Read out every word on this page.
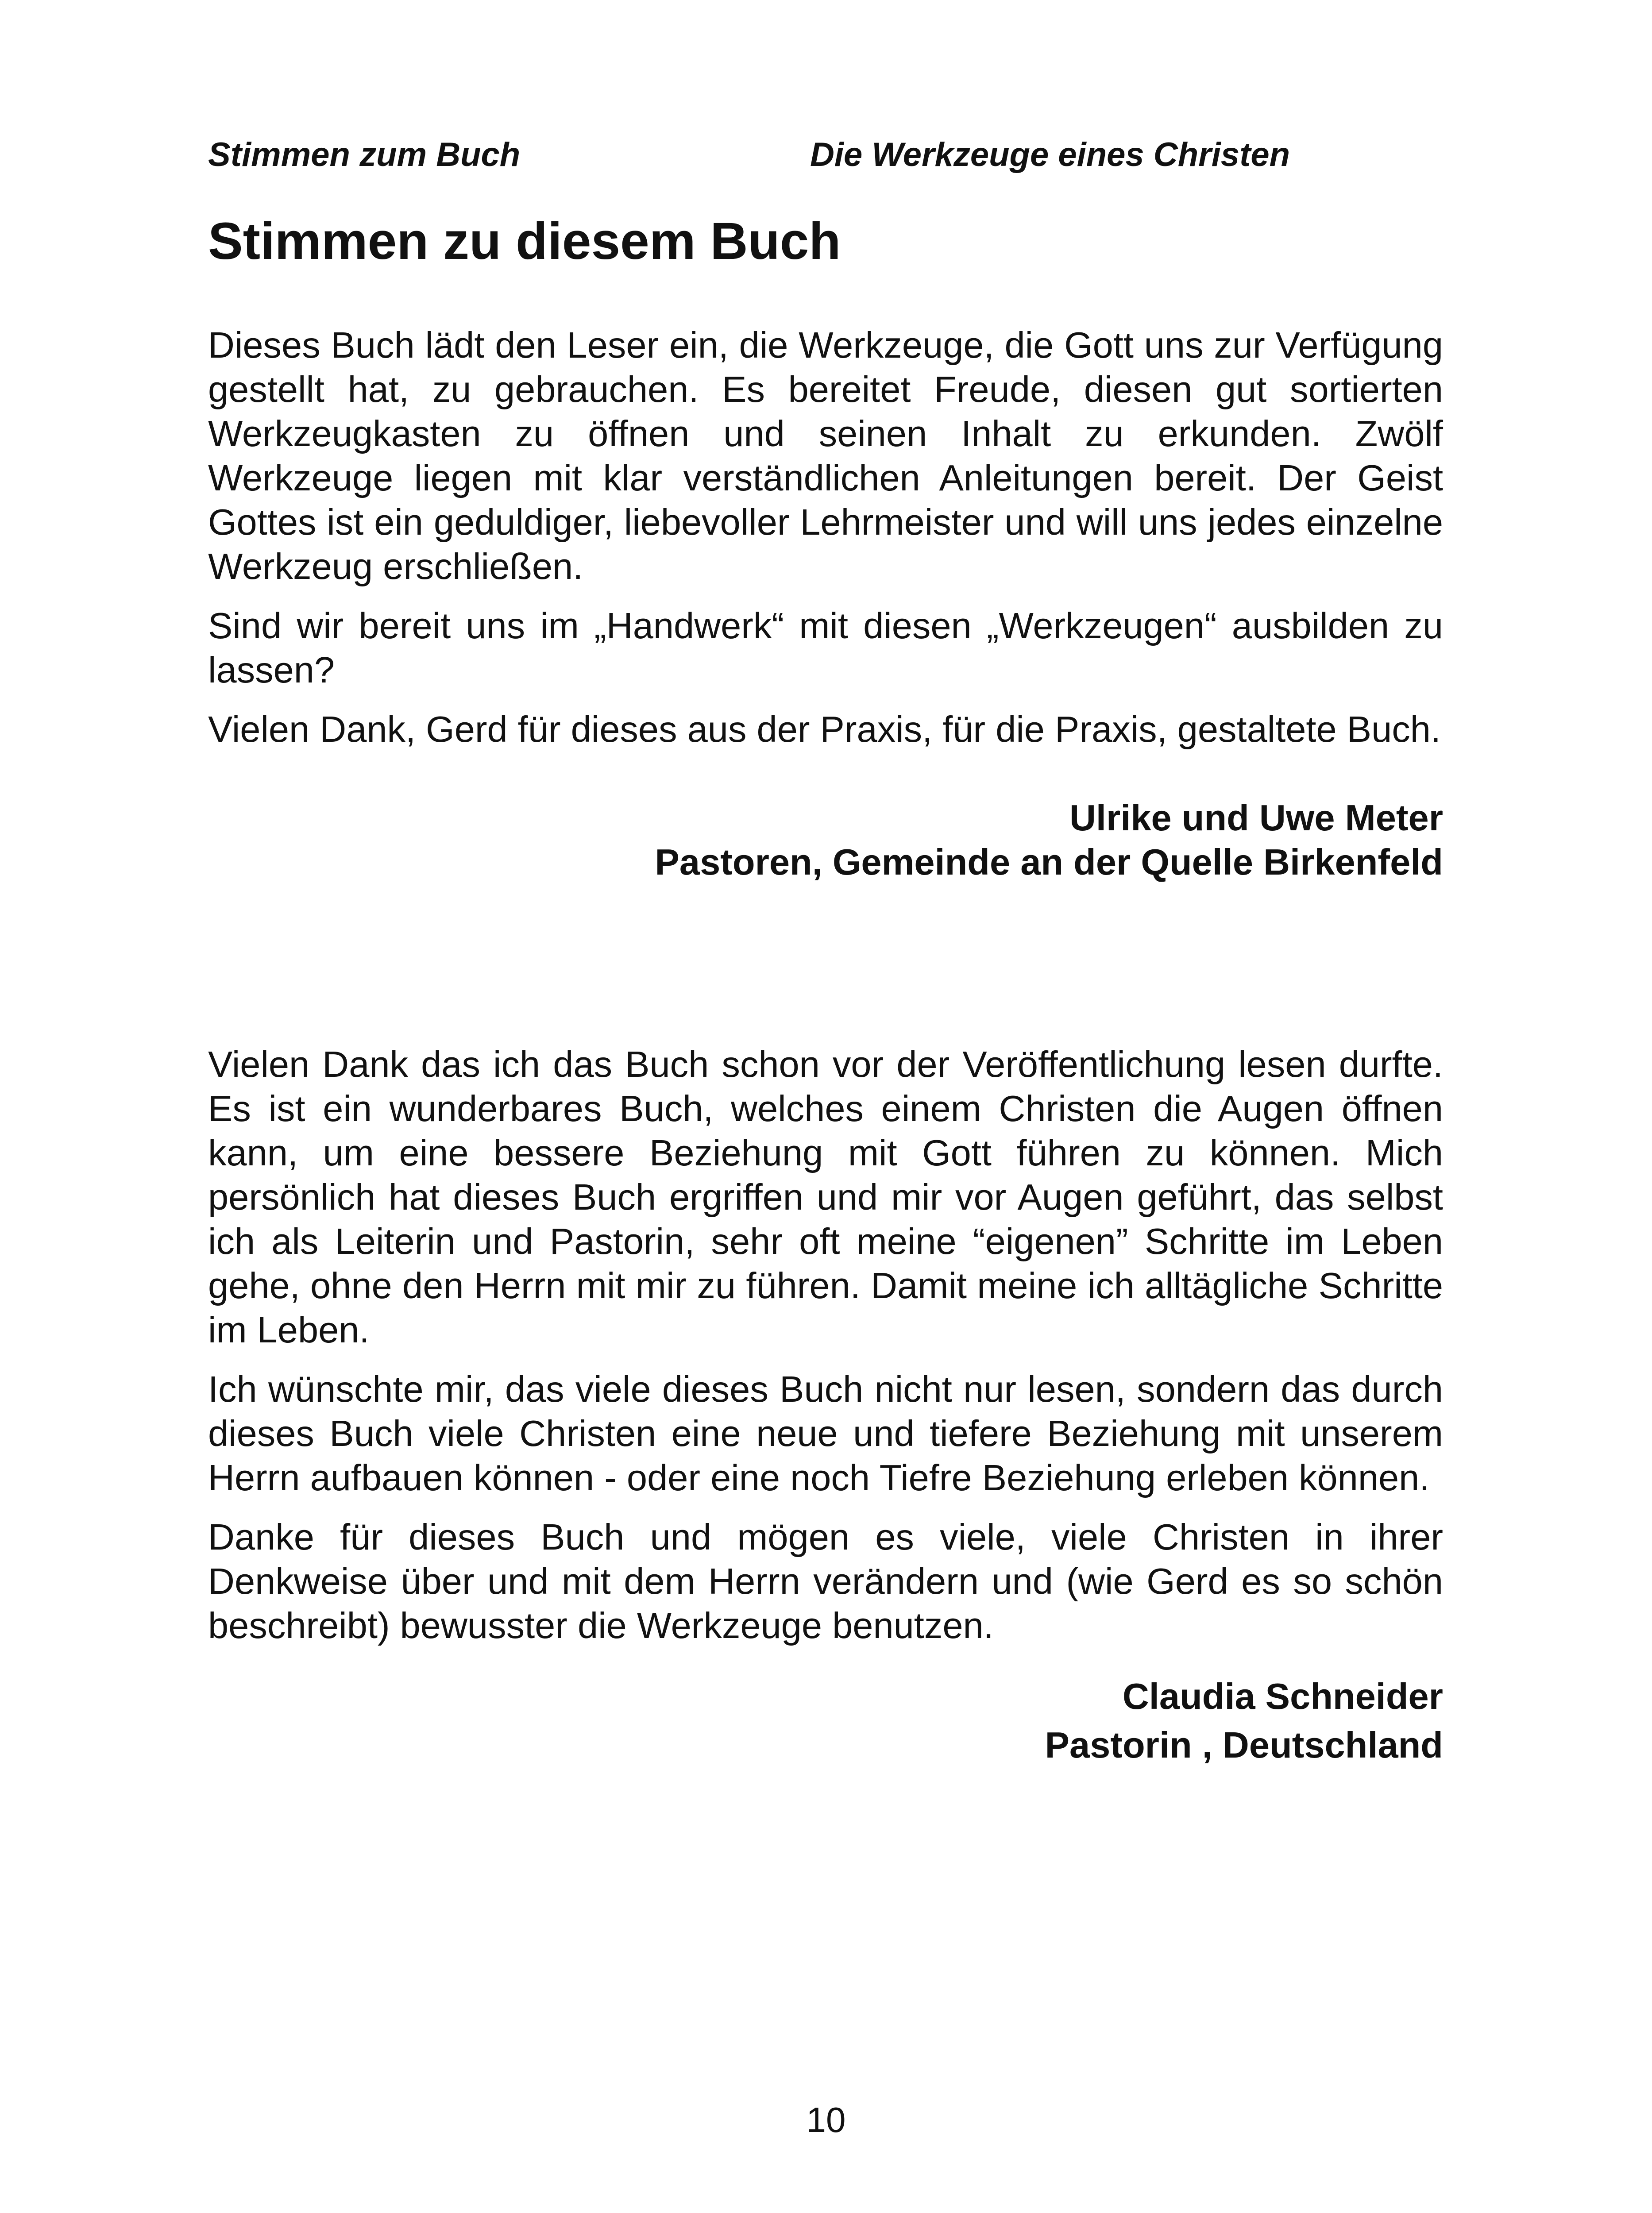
Stimmen zum Buch	Die Werkzeuge eines Christen
Stimmen zu diesem Buch

Dieses Buch lädt den Leser ein, die Werkzeuge, die Gott uns zur Verfügung gestellt hat, zu gebrauchen. Es bereitet Freude, diesen gut sortierten Werkzeugkasten zu öffnen und seinen Inhalt zu erkunden. Zwölf Werkzeuge liegen mit klar verständlichen Anleitungen bereit. Der Geist Gottes ist ein geduldiger, liebevoller Lehrmeister und will uns jedes einzelne Werkzeug erschließen.

Sind wir bereit uns im „Handwerk“ mit diesen „Werkzeugen“ ausbilden zu lassen?

Vielen Dank, Gerd für dieses aus der Praxis, für die Praxis, gestaltete Buch.

Ulrike und Uwe Meter
Pastoren, Gemeinde an der Quelle Birkenfeld

Vielen Dank das ich das Buch schon vor der Veröffentlichung lesen durfte. Es ist ein wunderbares Buch, welches einem Christen die Augen öffnen kann, um eine bessere Beziehung mit Gott führen zu können. Mich persönlich hat dieses Buch ergriffen und mir vor Augen geführt, das selbst ich als Leiterin und Pastorin, sehr oft meine “eigenen” Schritte im Leben gehe, ohne den Herrn mit mir zu führen. Damit meine ich alltägliche Schritte im Leben.

Ich wünschte mir, das viele dieses Buch nicht nur lesen, sondern das durch dieses Buch viele Christen eine neue und tiefere Beziehung mit unserem Herrn aufbauen können - oder eine noch Tiefre Beziehung erleben können.

Danke für dieses Buch und mögen es viele, viele Christen in ihrer Denkweise über und mit dem Herrn verändern und (wie Gerd es so schön beschreibt) bewusster die Werkzeuge benutzen.

Claudia Schneider
Pastorin , Deutschland
10
